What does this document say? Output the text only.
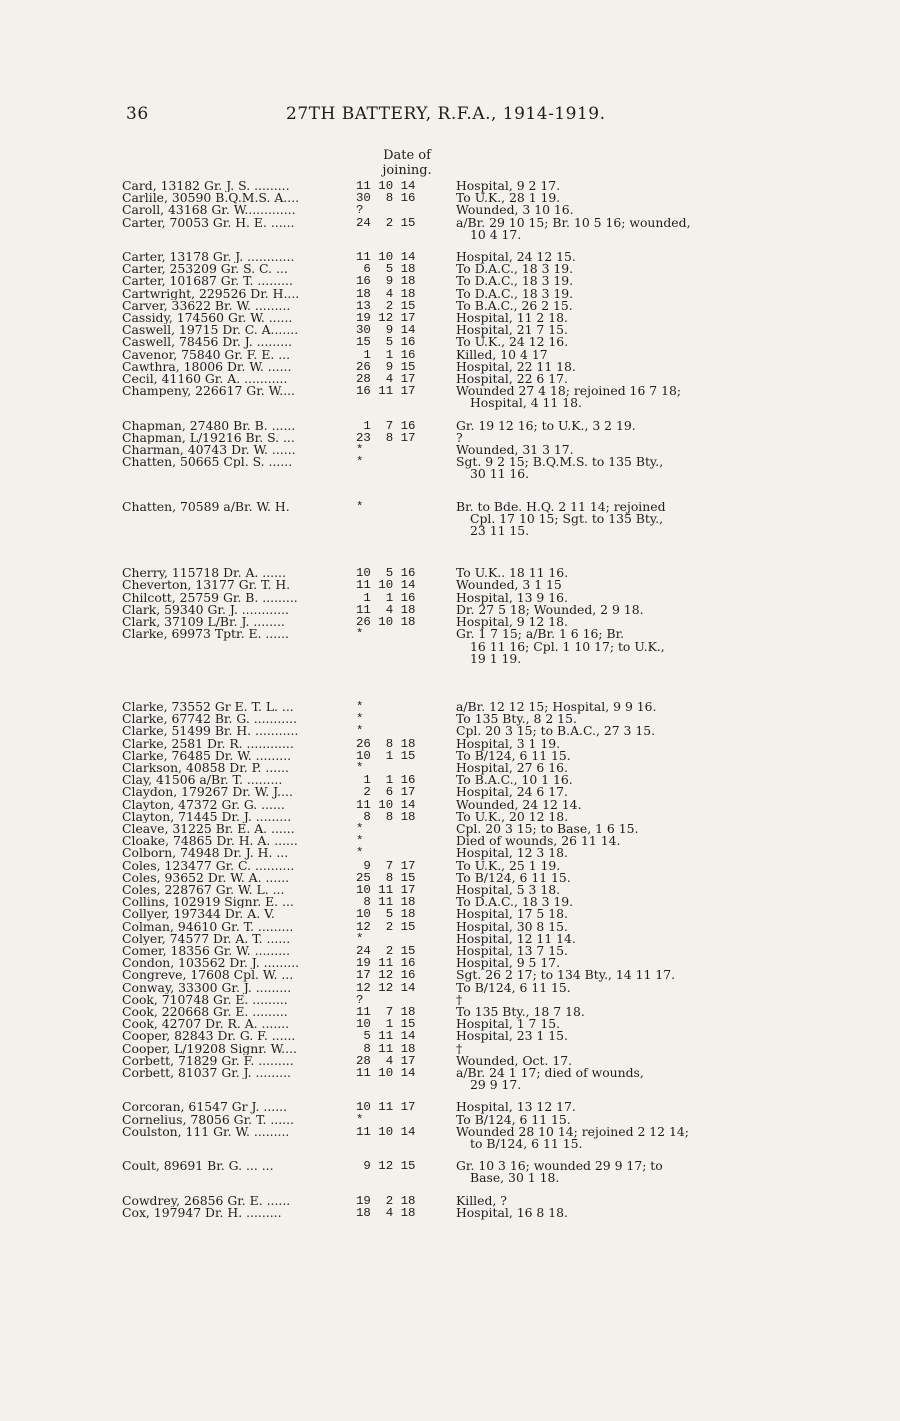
36	27TH BATTERY, R.F.A., 1914-1919.
Date of
joining.
Card, 13182 Gr. J. S. .........	11 10 14	Hospital, 9 2 17.
Carlile, 30590 B.Q.M.S. A....	30  8 16	To U.K., 28 1 19.
Caroll, 43168 Gr. W.............	?	Wounded, 3 10 16.
Carter, 70053 Gr. H. E. ......	24  2 15	a/Br. 29 10 15; Br. 10 5 16; wounded,
10 4 17.
Carter, 13178 Gr. J. ............	11 10 14	Hospital, 24 12 15.
Carter, 253209 Gr. S. C. ...	6  5 18	To D.A.C., 18 3 19.
Carter, 101687 Gr. T. .........	16  9 18	To D.A.C., 18 3 19.
Cartwright, 229526 Dr. H....	18  4 18	To D.A.C., 18 3 19.
Carver, 33622 Br. W. .........	13  2 15	To B.A.C., 26 2 15.
Cassidy, 174560 Gr. W. ......	19 12 17	Hospital, 11 2 18.
Caswell, 19715 Dr. C. A.......	30  9 14	Hospital, 21 7 15.
Caswell, 78456 Dr. J. .........	15  5 16	To U.K., 24 12 16.
Cavenor, 75840 Gr. F. E. ...	1  1 16	Killed, 10 4 17
Cawthra, 18006 Dr. W. ......	26  9 15	Hospital, 22 11 18.
Cecil, 41160 Gr. A. ...........	28  4 17	Hospital, 22 6 17.
Champeny, 226617 Gr. W....	16 11 17	Wounded 27 4 18; rejoined 16 7 18;
Hospital, 4 11 18.
Chapman, 27480 Br. B. ......	1  7 16	Gr. 19 12 16; to U.K., 3 2 19.
Chapman, L/19216 Br. S. ...	23  8 17	?
Charman, 40743 Dr. W. ......	*	Wounded, 31 3 17.
Chatten, 50665 Cpl. S. ......	*	Sgt. 9 2 15; B.Q.M.S. to 135 Bty.,
30 11 16.
Chatten, 70589 a/Br. W. H.	*	Br. to Bde. H.Q. 2 11 14; rejoined
Cpl. 17 10 15; Sgt. to 135 Bty.,
23 11 15.
Cherry, 115718 Dr. A. ......	10  5 16	To U.K.. 18 11 16.
Cheverton, 13177 Gr. T. H.	11 10 14	Wounded, 3 1 15
Chilcott, 25759 Gr. B. .........	1  1 16	Hospital, 13 9 16.
Clark, 59340 Gr. J. ............	11  4 18	Dr. 27 5 18; Wounded, 2 9 18.
Clark, 37109 L/Br. J. ........	26 10 18	Hospital, 9 12 18.
Clarke, 69973 Tptr. E. ......	*	Gr. 1 7 15; a/Br. 1 6 16; Br.
16 11 16; Cpl. 1 10 17; to U.K.,
19 1 19.
Clarke, 73552 Gr E. T. L. ...	*	a/Br. 12 12 15; Hospital, 9 9 16.
Clarke, 67742 Br. G. ...........	*	To 135 Bty., 8 2 15.
Clarke, 51499 Br. H. ...........	*	Cpl. 20 3 15; to B.A.C., 27 3 15.
Clarke, 2581 Dr. R. ............	26  8 18	Hospital, 3 1 19.
Clarke, 76485 Dr. W. .........	10  1 15	To B/124, 6 11 15.
Clarkson, 40858 Dr. P. ......	*	Hospital, 27 6 16.
Clay, 41506 a/Br. T. .........	1  1 16	To B.A.C., 10 1 16.
Claydon, 179267 Dr. W. J....	2  6 17	Hospital, 24 6 17.
Clayton, 47372 Gr. G. ......	11 10 14	Wounded, 24 12 14.
Clayton, 71445 Dr. J. .........	8  8 18	To U.K., 20 12 18.
Cleave, 31225 Br. E. A. ......	*	Cpl. 20 3 15; to Base, 1 6 15.
Cloake, 74865 Dr. H. A. ......	*	Died of wounds, 26 11 14.
Colborn, 74948 Dr. J. H. ...	*	Hospital, 12 3 18.
Coles, 123477 Gr. C. ..........	9  7 17	To U.K., 25 1 19.
Coles, 93652 Dr. W. A. ......	25  8 15	To B/124, 6 11 15.
Coles, 228767 Gr. W. L. ...	10 11 17	Hospital, 5 3 18.
Collins, 102919 Signr. E. ...	8 11 18	To D.A.C., 18 3 19.
Collyer, 197344 Dr. A. V.	10  5 18	Hospital, 17 5 18.
Colman, 94610 Gr. T. .........	12  2 15	Hospital, 30 8 15.
Colyer, 74577 Dr. A. T. ......	*	Hospital, 12 11 14.
Comer, 18356 Gr. W. .........	24  2 15	Hospital, 13 7 15.
Condon, 103562 Dr. J. .........	19 11 16	Hospital, 9 5 17.
Congreve, 17608 Cpl. W. ...	17 12 16	Sgt. 26 2 17; to 134 Bty., 14 11 17.
Conway, 33300 Gr. J. .........	12 12 14	To B/124, 6 11 15.
Cook, 710748 Gr. E. .........	?	†
Cook, 220668 Gr. E. .........	11  7 18	To 135 Bty., 18 7 18.
Cook, 42707 Dr. R. A. .......	10  1 15	Hospital, 1 7 15.
Cooper, 82843 Dr. G. F. ......	5 11 14	Hospital, 23 1 15.
Cooper, L/19208 Signr. W....	8 11 18	†
Corbett, 71829 Gr. F. .........	28  4 17	Wounded, Oct. 17.
Corbett, 81037 Gr. J. .........	11 10 14	a/Br. 24 1 17; died of wounds,
29 9 17.
Corcoran, 61547 Gr J. ......	10 11 17	Hospital, 13 12 17.
Cornelius, 78056 Gr. T. ......	*	To B/124, 6 11 15.
Coulston, 111 Gr. W. .........	11 10 14	Wounded 28 10 14; rejoined 2 12 14;
to B/124, 6 11 15.
Coult, 89691 Br. G. ... ...	9 12 15	Gr. 10 3 16; wounded 29 9 17; to
Base, 30 1 18.
Cowdrey, 26856 Gr. E. ......	19  2 18	Killed, ?
Cox, 197947 Dr. H. .........	18  4 18	Hospital, 16 8 18.
